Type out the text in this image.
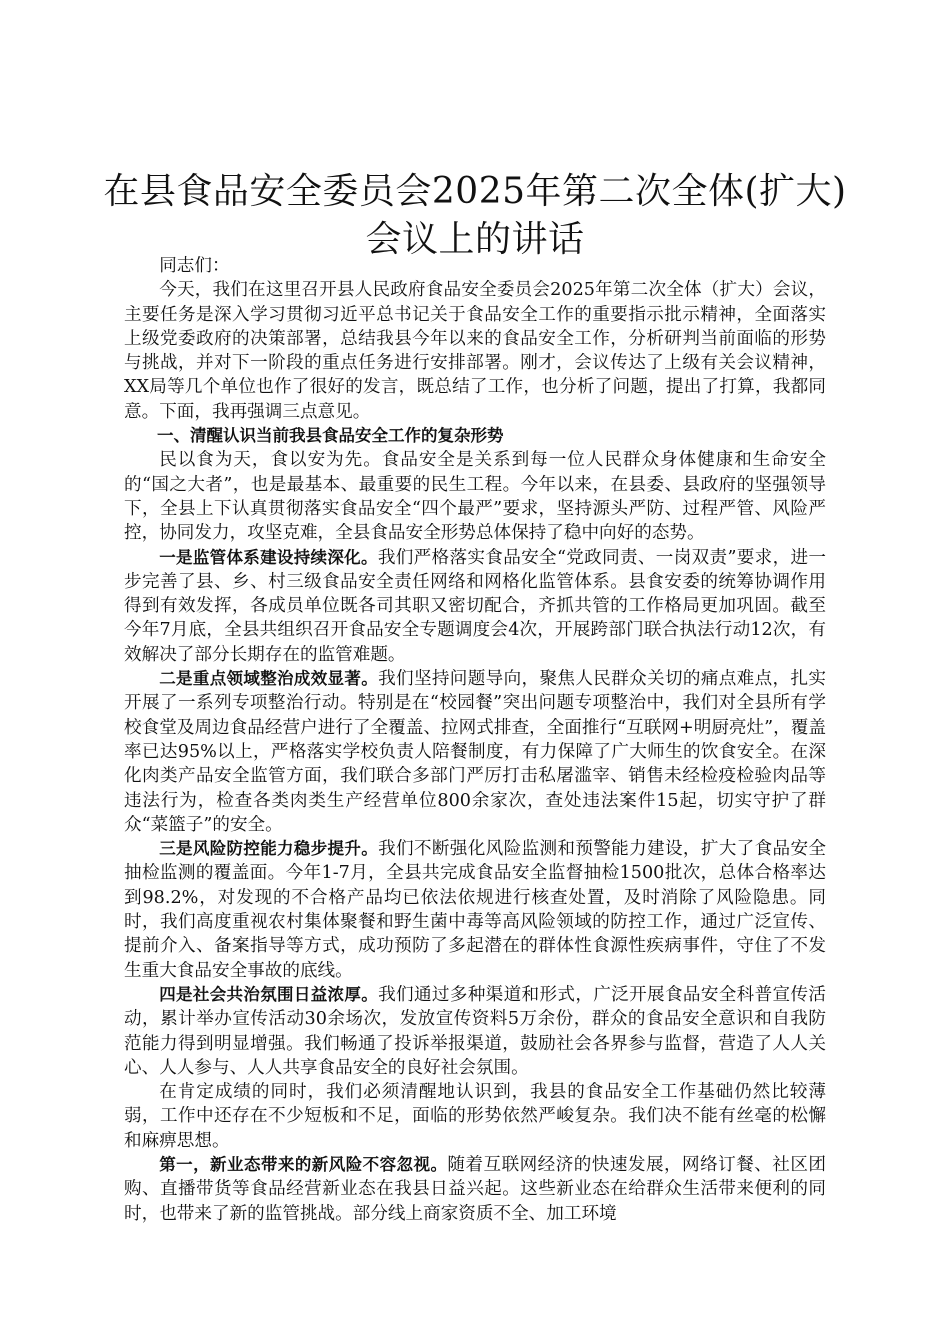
在县食品安全委员会2025年第二次全体(扩大)
会议上的讲话

同志们：

今天，我们在这里召开县人民政府食品安全委员会2025年第二次全体（扩大）会议，主要任务是深入学习贯彻习近平总书记关于食品安全工作的重要指示批示精神，全面落实上级党委政府的决策部署，总结我县今年以来的食品安全工作，分析研判当前面临的形势与挑战，并对下一阶段的重点任务进行安排部署。刚才，会议传达了上级有关会议精神，XX局等几个单位也作了很好的发言，既总结了工作，也分析了问题，提出了打算，我都同意。下面，我再强调三点意见。

一、清醒认识当前我县食品安全工作的复杂形势

民以食为天，食以安为先。食品安全是关系到每一位人民群众身体健康和生命安全的“国之大者”，也是最基本、最重要的民生工程。今年以来，在县委、县政府的坚强领导下，全县上下认真贯彻落实食品安全“四个最严”要求，坚持源头严防、过程严管、风险严控，协同发力，攻坚克难，全县食品安全形势总体保持了稳中向好的态势。

一是监管体系建设持续深化。我们严格落实食品安全“党政同责、一岗双责”要求，进一步完善了县、乡、村三级食品安全责任网络和网格化监管体系。县食安委的统筹协调作用得到有效发挥，各成员单位既各司其职又密切配合，齐抓共管的工作格局更加巩固。截至今年7月底，全县共组织召开食品安全专题调度会4次，开展跨部门联合执法行动12次，有效解决了部分长期存在的监管难题。

二是重点领域整治成效显著。我们坚持问题导向，聚焦人民群众关切的痛点难点，扎实开展了一系列专项整治行动。特别是在“校园餐”突出问题专项整治中，我们对全县所有学校食堂及周边食品经营户进行了全覆盖、拉网式排查，全面推行“互联网+明厨亮灶”，覆盖率已达95%以上，严格落实学校负责人陪餐制度，有力保障了广大师生的饮食安全。在深化肉类产品安全监管方面，我们联合多部门严厉打击私屠滥宰、销售未经检疫检验肉品等违法行为，检查各类肉类生产经营单位800余家次，查处违法案件15起，切实守护了群众“菜篮子”的安全。

三是风险防控能力稳步提升。我们不断强化风险监测和预警能力建设，扩大了食品安全抽检监测的覆盖面。今年1-7月，全县共完成食品安全监督抽检1500批次，总体合格率达到98.2%，对发现的不合格产品均已依法依规进行核查处置，及时消除了风险隐患。同时，我们高度重视农村集体聚餐和野生菌中毒等高风险领域的防控工作，通过广泛宣传、提前介入、备案指导等方式，成功预防了多起潜在的群体性食源性疾病事件，守住了不发生重大食品安全事故的底线。

四是社会共治氛围日益浓厚。我们通过多种渠道和形式，广泛开展食品安全科普宣传活动，累计举办宣传活动30余场次，发放宣传资料5万余份，群众的食品安全意识和自我防范能力得到明显增强。我们畅通了投诉举报渠道，鼓励社会各界参与监督，营造了人人关心、人人参与、人人共享食品安全的良好社会氛围。

在肯定成绩的同时，我们必须清醒地认识到，我县的食品安全工作基础仍然比较薄弱，工作中还存在不少短板和不足，面临的形势依然严峻复杂。我们决不能有丝毫的松懈和麻痹思想。

第一，新业态带来的新风险不容忽视。随着互联网经济的快速发展，网络订餐、社区团购、直播带货等食品经营新业态在我县日益兴起。这些新业态在给群众生活带来便利的同时，也带来了新的监管挑战。部分线上商家资质不全、加工环境
